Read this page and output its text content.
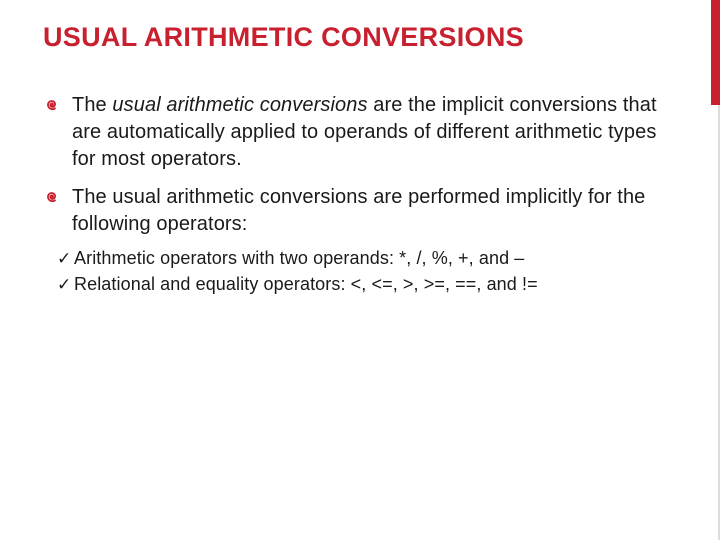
USUAL ARITHMETIC CONVERSIONS
The usual arithmetic conversions are the implicit conversions that are automatically applied to operands of different arithmetic types for most operators.
The usual arithmetic conversions are performed implicitly for the following operators:
✓ Arithmetic operators with two operands: *, /, %, +, and –
✓ Relational and equality operators: <, <=, >, >=, ==, and !=
